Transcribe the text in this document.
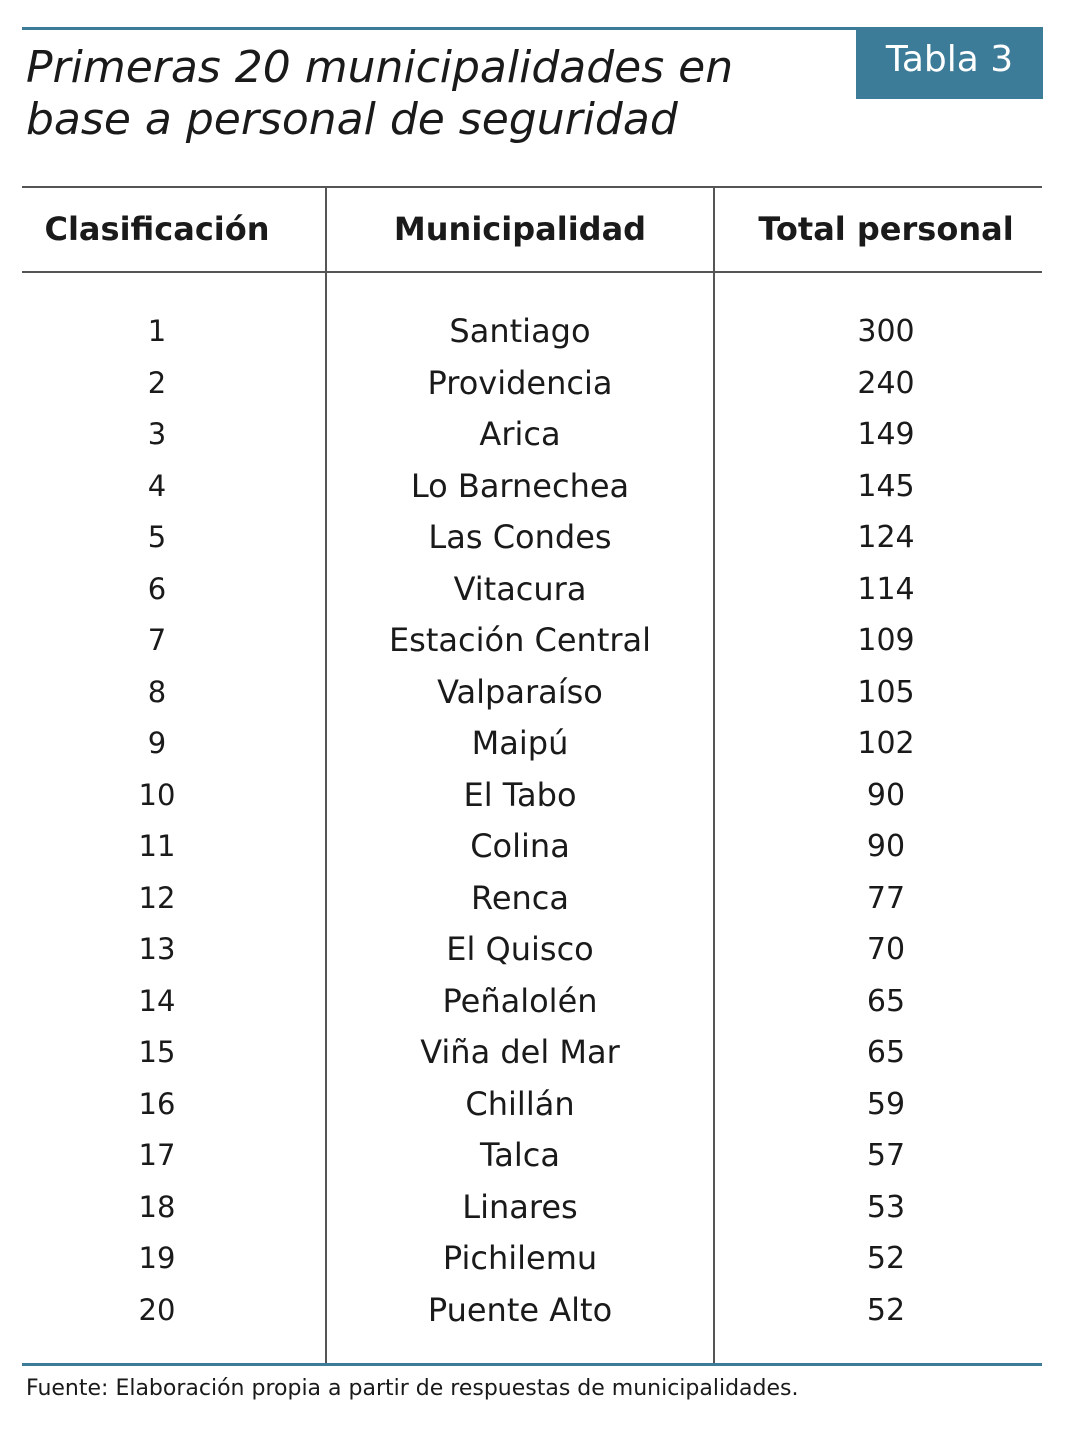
Tabla 3
Primeras 20 municipalidades en
base a personal de seguridad
Clasificación	Municipalidad	Total personal
1	Santiago	300
2	Providencia	240
3	Arica	149
4	Lo Barnechea	145
5	Las Condes	124
6	Vitacura	114
7	Estación Central	109
8	Valparaíso	105
9	Maipú	102
10	El Tabo	90
11	Colina	90
12	Renca	77
13	El Quisco	70
14	Peñalolén	65
15	Viña del Mar	65
16	Chillán	59
17	Talca	57
18	Linares	53
19	Pichilemu	52
20	Puente Alto	52
Fuente: Elaboración propia a partir de respuestas de municipalidades.
